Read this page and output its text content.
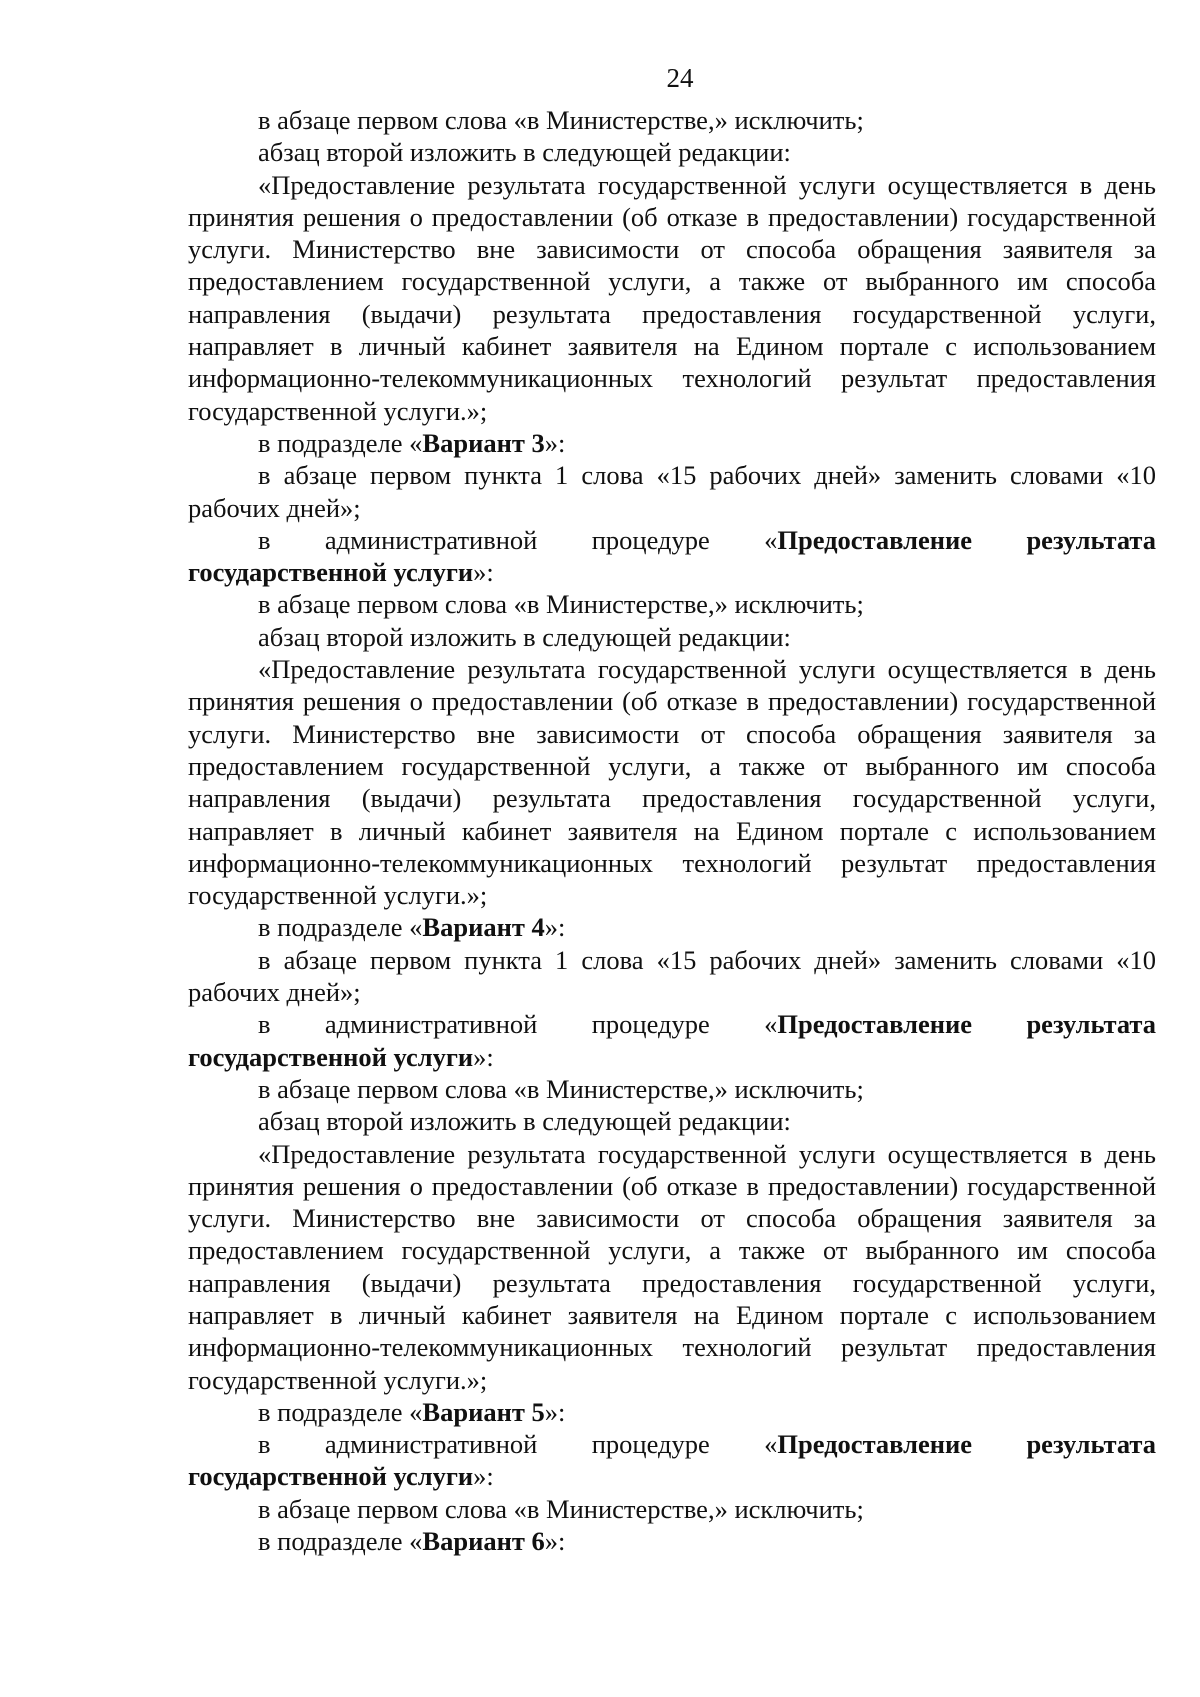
24

в абзаце первом слова «в Министерстве,» исключить;

абзац второй изложить в следующей редакции:

«Предоставление результата государственной услуги осуществляется в день принятия решения о предоставлении (об отказе в предоставлении) государственной услуги. Министерство вне зависимости от способа обращения заявителя за предоставлением государственной услуги, а также от выбранного им способа направления (выдачи) результата предоставления государственной услуги, направляет в личный кабинет заявителя на Едином портале с использованием информационно-телекоммуникационных технологий результат предоставления государственной услуги.»;

в подразделе «Вариант 3»:

в абзаце первом пункта 1 слова «15 рабочих дней» заменить словами «10 рабочих дней»;

в административной процедуре «Предоставление результата государственной услуги»:

в абзаце первом слова «в Министерстве,» исключить;

абзац второй изложить в следующей редакции:

«Предоставление результата государственной услуги осуществляется в день принятия решения о предоставлении (об отказе в предоставлении) государственной услуги. Министерство вне зависимости от способа обращения заявителя за предоставлением государственной услуги, а также от выбранного им способа направления (выдачи) результата предоставления государственной услуги, направляет в личный кабинет заявителя на Едином портале с использованием информационно-телекоммуникационных технологий результат предоставления государственной услуги.»;

в подразделе «Вариант 4»:

в абзаце первом пункта 1 слова «15 рабочих дней» заменить словами «10 рабочих дней»;

в административной процедуре «Предоставление результата государственной услуги»:

в абзаце первом слова «в Министерстве,» исключить;

абзац второй изложить в следующей редакции:

«Предоставление результата государственной услуги осуществляется в день принятия решения о предоставлении (об отказе в предоставлении) государственной услуги. Министерство вне зависимости от способа обращения заявителя за предоставлением государственной услуги, а также от выбранного им способа направления (выдачи) результата предоставления государственной услуги, направляет в личный кабинет заявителя на Едином портале с использованием информационно-телекоммуникационных технологий результат предоставления государственной услуги.»;

в подразделе «Вариант 5»:

в административной процедуре «Предоставление результата государственной услуги»:

в абзаце первом слова «в Министерстве,» исключить;

в подразделе «Вариант 6»:
